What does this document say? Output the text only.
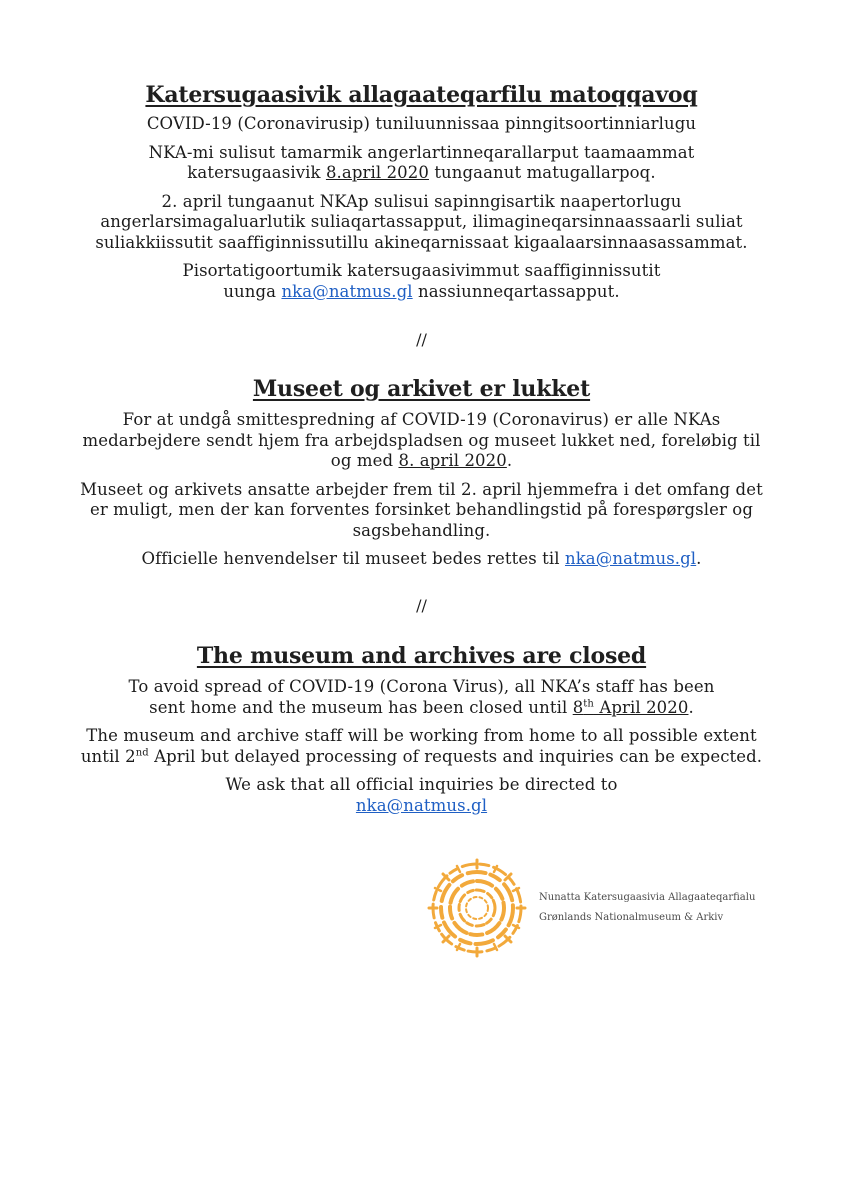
Katersugaasivik allagaateqarfilu matoqqavoq

COVID-19 (Coronavirusip) tuniluunnissaa pinngitsoortinniarlugu

NKA-mi sulisut tamarmik angerlartinneqarallarput taamaammat
katersugaasivik 8.april 2020 tungaanut matugallarpoq.

2. april tungaanut NKAp sulisui sapinngisartik naapertorlugu
angerlarsimagaluarlutik suliaqartassapput, ilimagineqarsinnaassaarli suliat
suliakkiissutit saaffiginnissutillu akineqarnissaat kigaalaarsinnaasassammat.

Pisortatigoortumik katersugaasivimmut saaffiginnissutit
uunga nka@natmus.gl nassiunneqartassapput.

//
Museet og arkivet er lukket

For at undgå smittespredning af COVID-19 (Coronavirus) er alle NKAs
medarbejdere sendt hjem fra arbejdspladsen og museet lukket ned, foreløbig til
og med 8. april 2020.

Museet og arkivets ansatte arbejder frem til 2. april hjemmefra i det omfang det
er muligt, men der kan forventes forsinket behandlingstid på forespørgsler og
sagsbehandling.

Officielle henvendelser til museet bedes rettes til nka@natmus.gl.

//
The museum and archives are closed

To avoid spread of COVID-19 (Corona Virus), all NKA’s staff has been
sent home and the museum has been closed until 8th April 2020.

The museum and archive staff will be working from home to all possible extent
until 2nd April but delayed processing of requests and inquiries can be expected.

We ask that all official inquiries be directed to
nka@natmus.gl

Nunatta Katersugaasivia Allagaateqarfialu
Grønlands Nationalmuseum & Arkiv
